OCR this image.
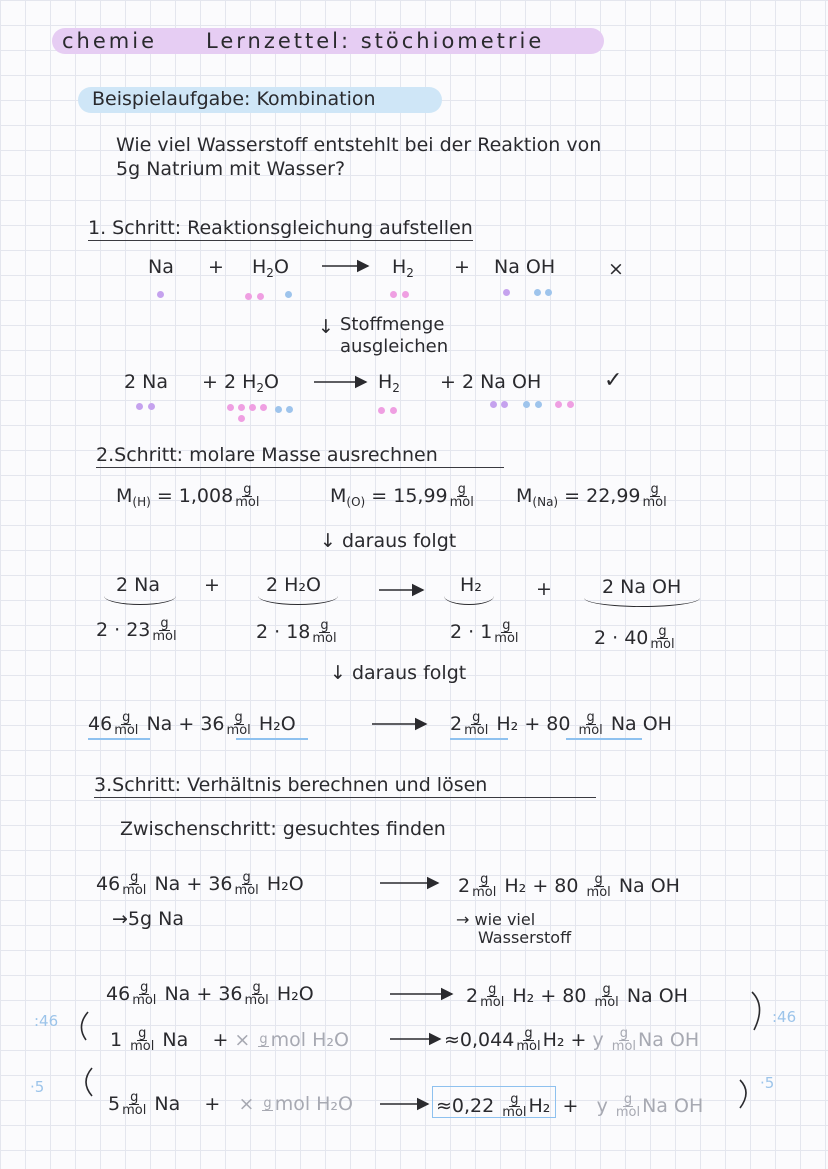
chemie Lernzettel: stöchiometrie
Beispielaufgabe: Kombination
Wie viel Wasserstoff entstehlt bei der Reaktion von
5g Natrium mit Wasser?
1. Schritt: Reaktionsgleichung aufstellen
$Na + H_2O$	$H_2 + Na$ OH	×
↓ Stoffmenge
ausgleichen
2 Na + 2 $H_2O$	$H_2 + 2$ Na OH	✓
2.Schritt: molare Masse ausrechnen
$M_{(H)} = 1,008$ g
mol	$M_{(O)} = 15,99$ g
mol $M_{(Na)} = 22,99$ g
mol
↓ daraus folgt
2 Na + 2 H₂O	H₂	+	2 Na OH
2 · 23 g
mol	2 · 18 g
mol	2 · 1 g
mol	2 · 40 g
mol
↓ daraus folgt
46 g
mol Na + 36 g
mol H₂O	2 g
mol H₂ + 80 g
mol Na OH
3.Schritt: Verhältnis berechnen und lösen
Zwischenschritt: gesuchtes finden
46 g
mol Na + 36 g
mol H₂O	2 g
mol H₂ + 80 g
mol Na OH
→5g Na	→ wie viel
Wasserstoff
46 g
mol Na + 36 g
mol H₂O	2 g
mol H₂ + 80 g
mol Na OH
1 g
mol Na + × g mol H₂O	≈0,044 g
mol H₂ + y g
mol Na OH
5 g
mol Na + × g mol H₂O	≈0,22 g
mol H₂ + y g
mol Na OH
:46	:46
·5	·5
